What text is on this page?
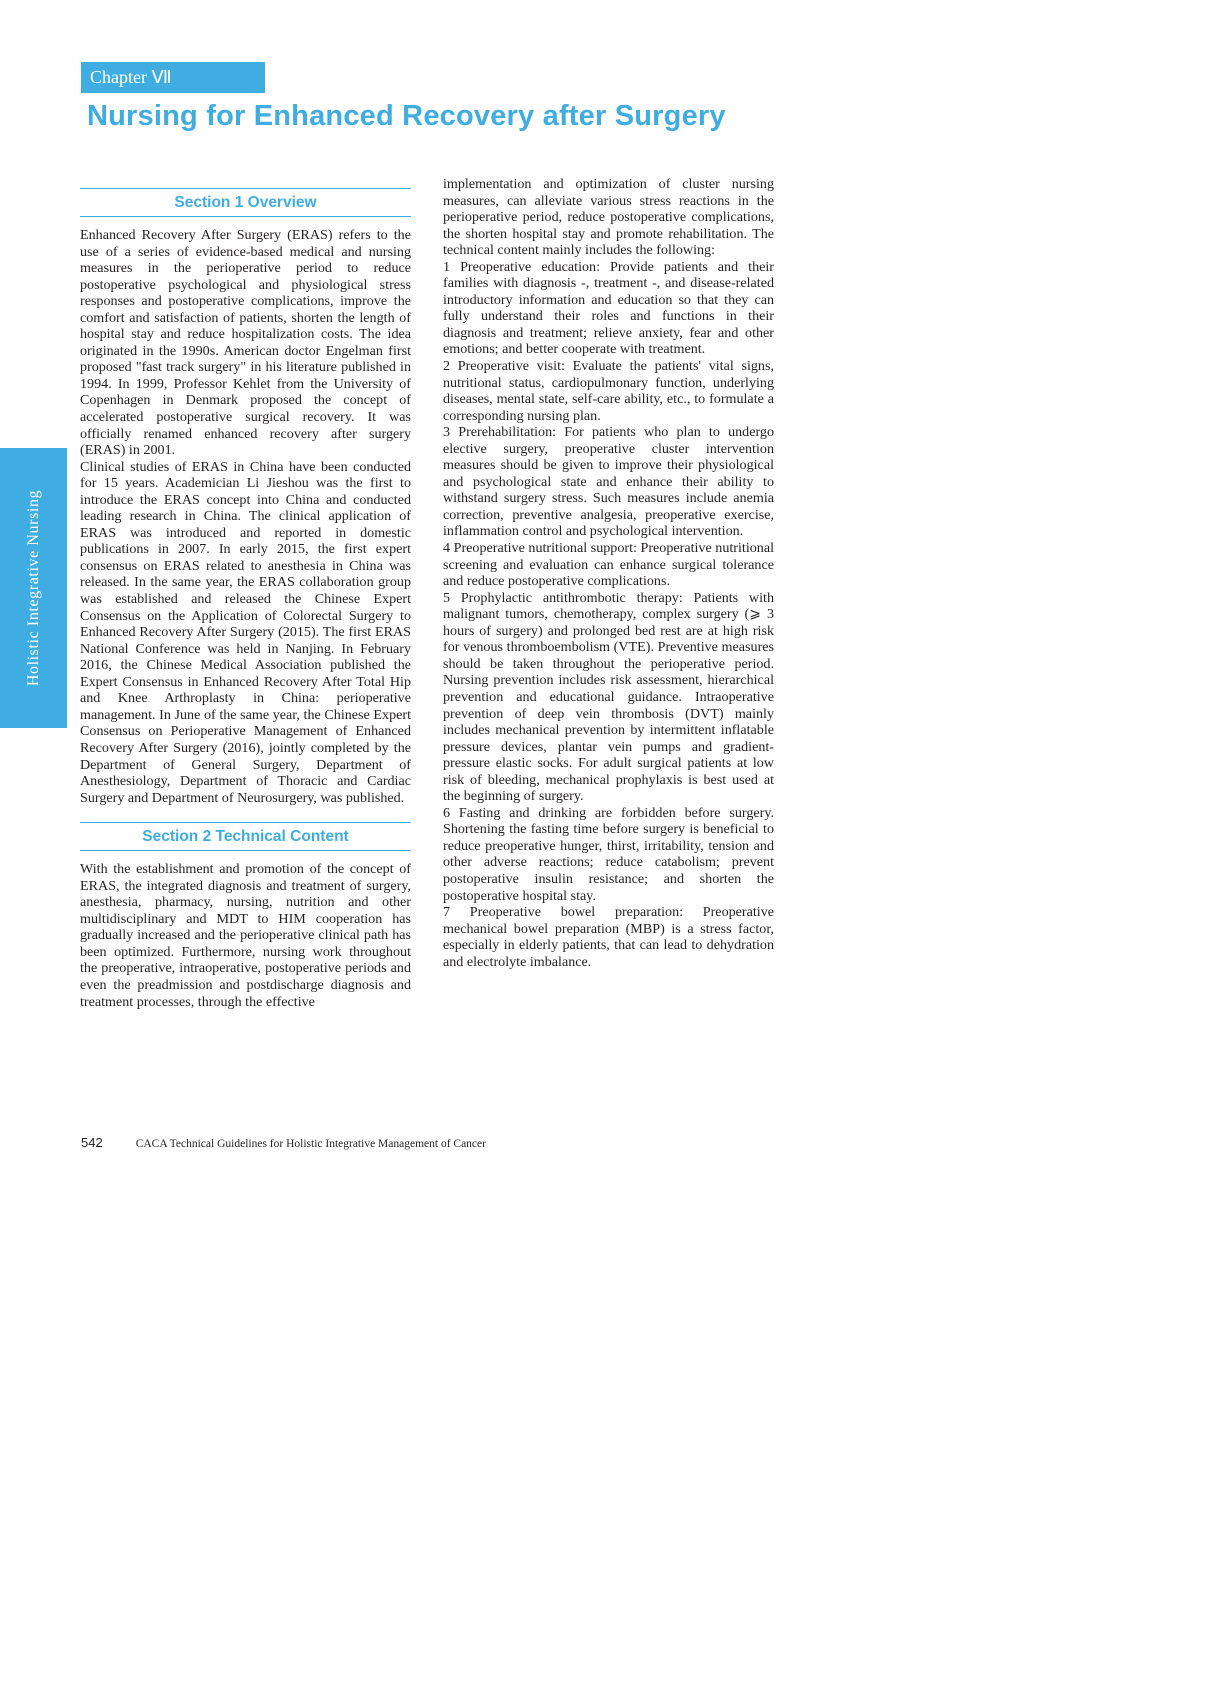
Chapter Ⅶ
Nursing for Enhanced Recovery after Surgery
Holistic Integrative Nursing
Section 1 Overview

Enhanced Recovery After Surgery (ERAS) refers to the use of a series of evidence-based medical and nursing measures in the perioperative period to reduce postoperative psychological and physiological stress responses and postoperative complications, improve the comfort and satisfaction of patients, shorten the length of hospital stay and reduce hospitalization costs. The idea originated in the 1990s. American doctor Engelman first proposed "fast track surgery" in his literature published in 1994. In 1999, Professor Kehlet from the University of Copenhagen in Denmark proposed the concept of accelerated postoperative surgical recovery. It was officially renamed enhanced recovery after surgery (ERAS) in 2001.

Clinical studies of ERAS in China have been conducted for 15 years. Academician Li Jieshou was the first to introduce the ERAS concept into China and conducted leading research in China. The clinical application of ERAS was introduced and reported in domestic publications in 2007. In early 2015, the first expert consensus on ERAS related to anesthesia in China was released. In the same year, the ERAS collaboration group was established and released the Chinese Expert Consensus on the Application of Colorectal Surgery to Enhanced Recovery After Surgery (2015). The first ERAS National Conference was held in Nanjing. In February 2016, the Chinese Medical Association published the Expert Consensus in Enhanced Recovery After Total Hip and Knee Arthroplasty in China: perioperative management. In June of the same year, the Chinese Expert Consensus on Perioperative Management of Enhanced Recovery After Surgery (2016), jointly completed by the Department of General Surgery, Department of Anesthesiology, Department of Thoracic and Cardiac Surgery and Department of Neurosurgery, was published.

Section 2 Technical Content

With the establishment and promotion of the concept of ERAS, the integrated diagnosis and treatment of surgery, anesthesia, pharmacy, nursing, nutrition and other multidisciplinary and MDT to HIM cooperation has gradually increased and the perioperative clinical path has been optimized. Furthermore, nursing work throughout the preoperative, intraoperative, postoperative periods and even the preadmission and postdischarge diagnosis and treatment processes, through the effective

implementation and optimization of cluster nursing measures, can alleviate various stress reactions in the perioperative period, reduce postoperative complications, the shorten hospital stay and promote rehabilitation. The technical content mainly includes the following:

1 Preoperative education: Provide patients and their families with diagnosis -, treatment -, and disease-related introductory information and education so that they can fully understand their roles and functions in their diagnosis and treatment; relieve anxiety, fear and other emotions; and better cooperate with treatment.

2 Preoperative visit: Evaluate the patients' vital signs, nutritional status, cardiopulmonary function, underlying diseases, mental state, self-care ability, etc., to formulate a corresponding nursing plan.

3 Prerehabilitation: For patients who plan to undergo elective surgery, preoperative cluster intervention measures should be given to improve their physiological and psychological state and enhance their ability to withstand surgery stress. Such measures include anemia correction, preventive analgesia, preoperative exercise, inflammation control and psychological intervention.

4 Preoperative nutritional support: Preoperative nutritional screening and evaluation can enhance surgical tolerance and reduce postoperative complications.

5 Prophylactic antithrombotic therapy: Patients with malignant tumors, chemotherapy, complex surgery (⩾ 3 hours of surgery) and prolonged bed rest are at high risk for venous thromboembolism (VTE). Preventive measures should be taken throughout the perioperative period. Nursing prevention includes risk assessment, hierarchical prevention and educational guidance. Intraoperative prevention of deep vein thrombosis (DVT) mainly includes mechanical prevention by intermittent inflatable pressure devices, plantar vein pumps and gradient-pressure elastic socks. For adult surgical patients at low risk of bleeding, mechanical prophylaxis is best used at the beginning of surgery.

6 Fasting and drinking are forbidden before surgery. Shortening the fasting time before surgery is beneficial to reduce preoperative hunger, thirst, irritability, tension and other adverse reactions; reduce catabolism; prevent postoperative insulin resistance; and shorten the postoperative hospital stay.

7 Preoperative bowel preparation: Preoperative mechanical bowel preparation (MBP) is a stress factor, especially in elderly patients, that can lead to dehydration and electrolyte imbalance.

542	CACA Technical Guidelines for Holistic Integrative Management of Cancer
